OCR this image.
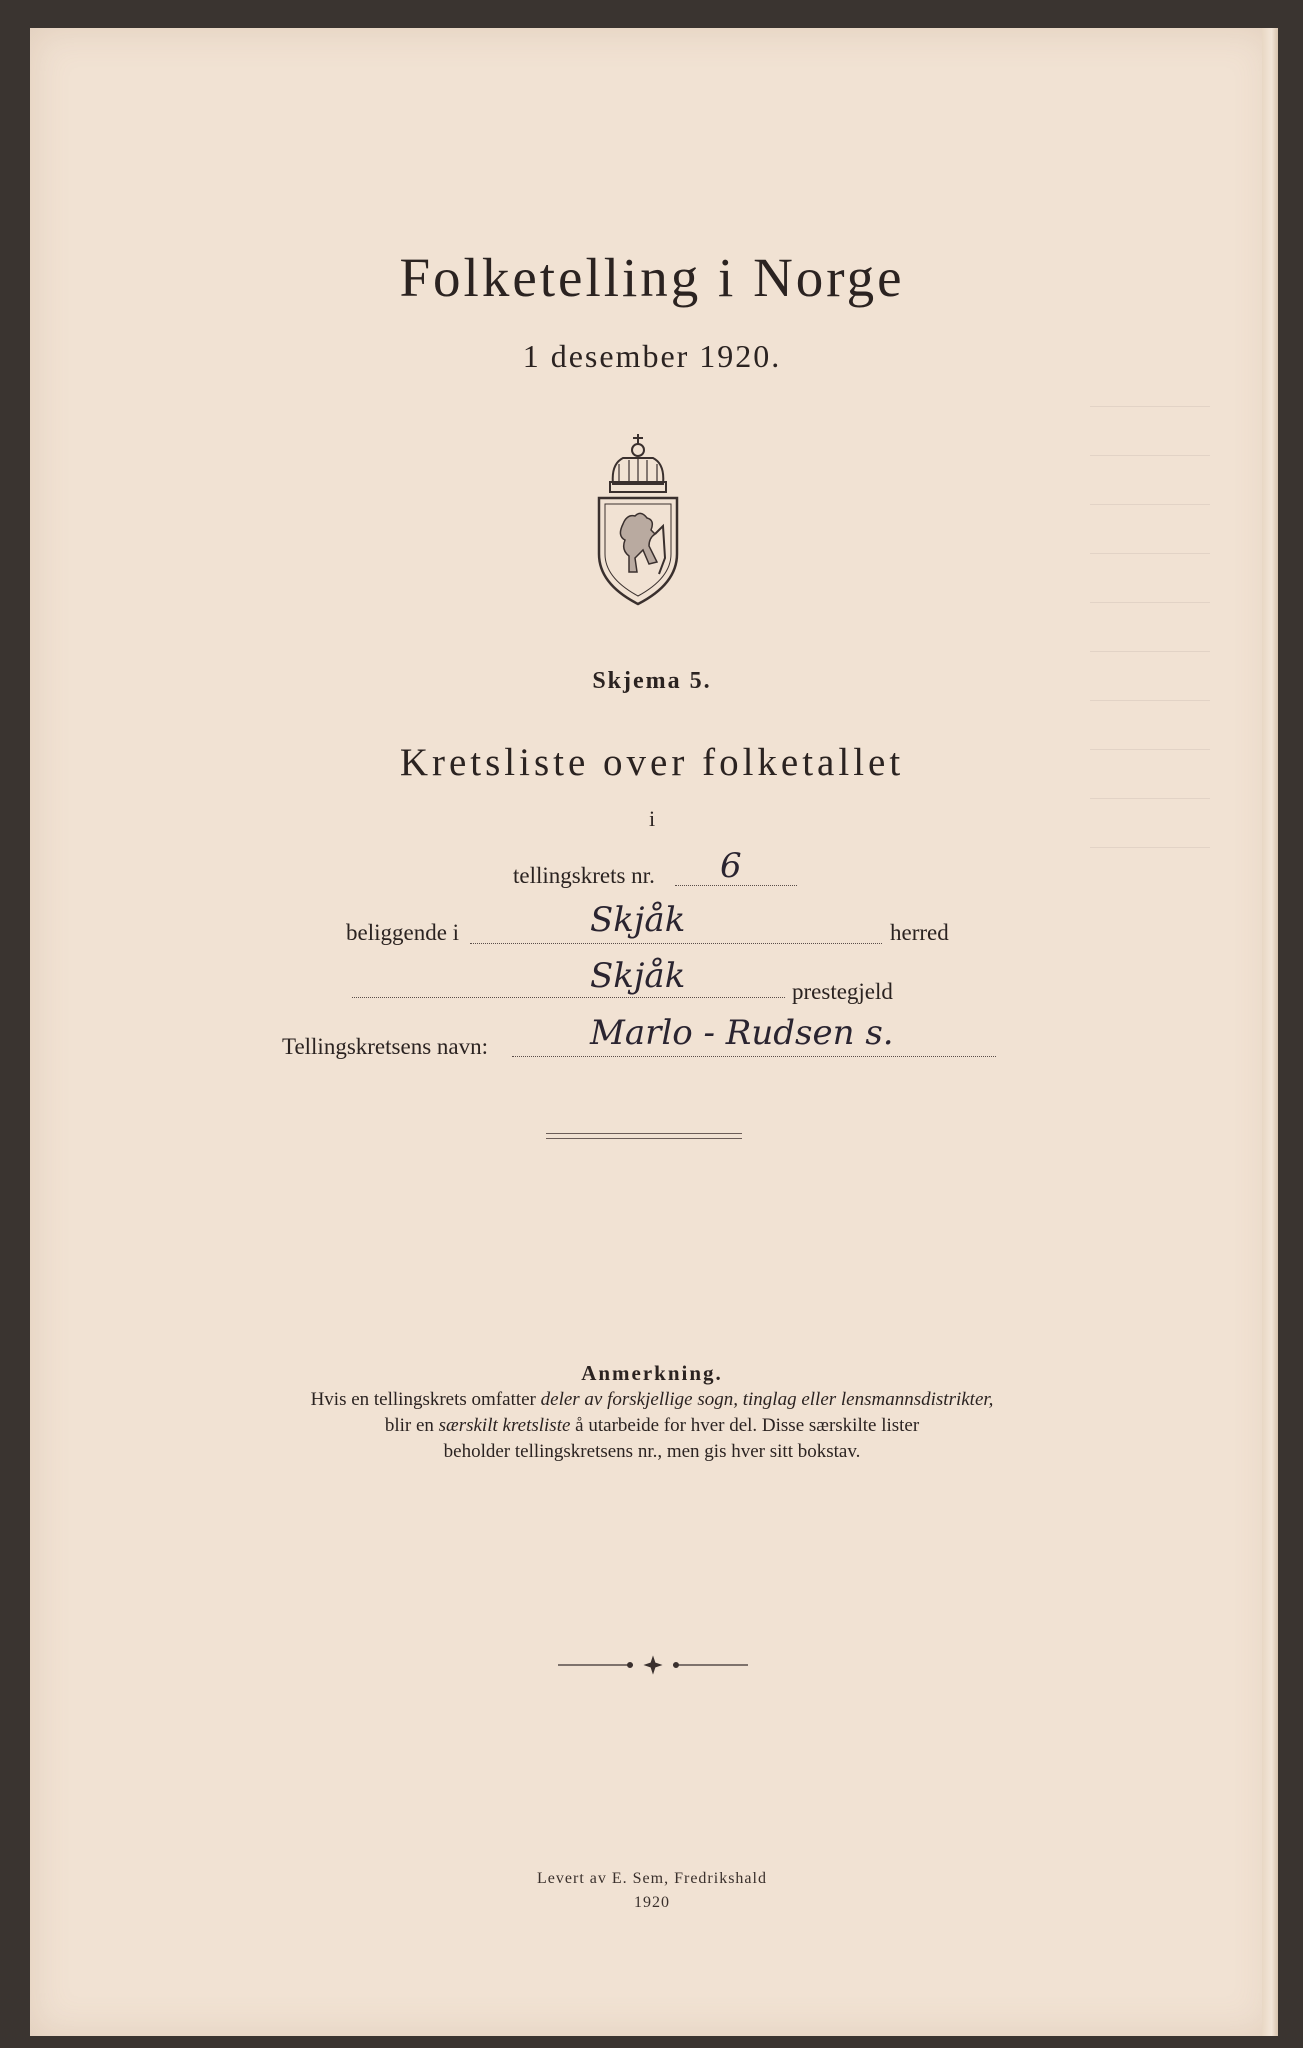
Folketelling i Norge
1 desember 1920.
Skjema 5.
Kretsliste over folketallet
i
tellingskrets nr. 6
beliggende i	Skjåk	herred
Skjåk	prestegjeld
Tellingskretsens navn:	Marlo - Rudsen s.
Anmerkning.
Hvis en tellingskrets omfatter deler av forskjellige sogn, tinglag eller lensmannsdistrikter,
blir en særskilt kretsliste å utarbeide for hver del. Disse særskilte lister
beholder tellingskretsens nr., men gis hver sitt bokstav.
Levert av E. Sem, Fredrikshald
1920
